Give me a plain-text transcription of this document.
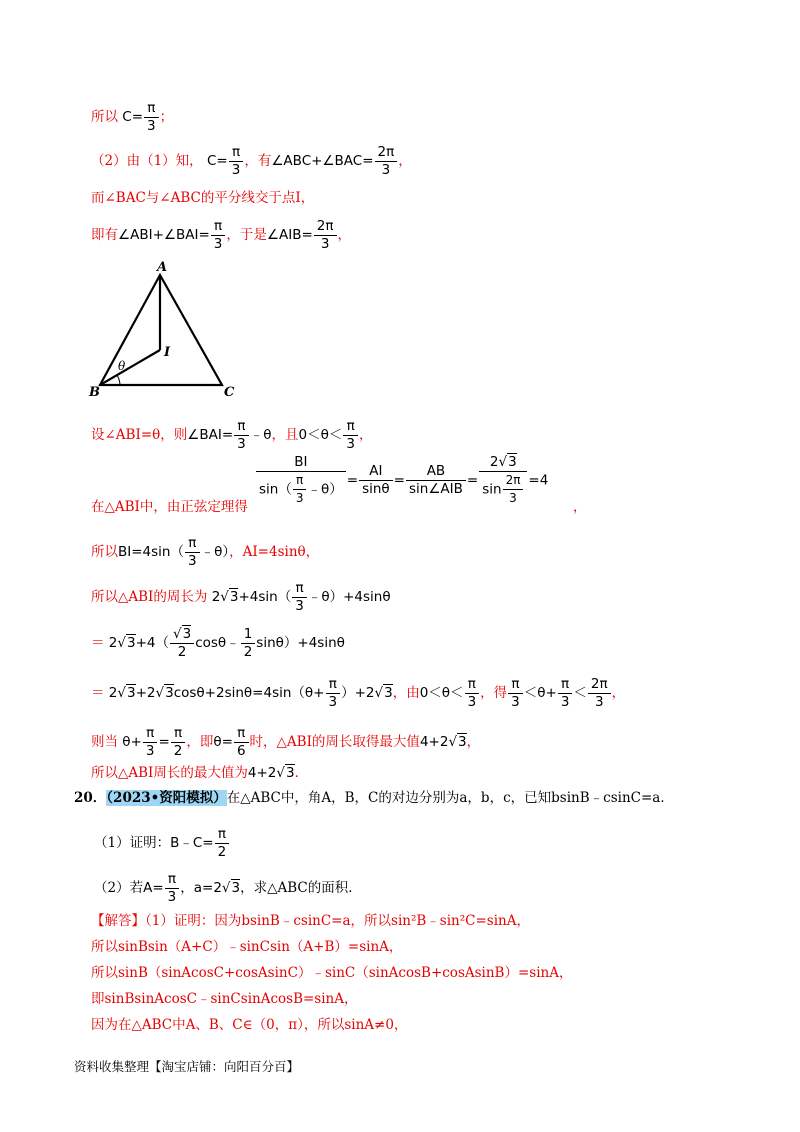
所以 $C= \frac{\pi}{3}$ ；
（2）由（1）知， $C= \frac{\pi}{3}$ ，有∠ABC+∠BAC= $\frac{2\pi}{3}$ ，
而∠BAC与∠ABC的平分线交于点I，
即有∠ABI+∠BAI= $\frac{\pi}{3}$ ，于是∠AIB= $\frac{2\pi}{3}$ ，
A
B	C
I
θ
设∠ABI=θ，则∠BAI= $\frac{\pi}{3}$ ﹣θ，且$0<\theta< \frac{\pi}{3}$ ，
$\frac{BI}{\sin( \frac{\pi}{3} ﹣\theta)} = \frac{AI}{\sin\theta} = \frac{AB}{\text{sin∠AIB}} = \frac{2√3}{\sin \frac{2\pi}{3}} =4$
在△ABI中，由正弦定理得	，
所以$BI=4\sin( \frac{\pi}{3}$ ﹣θ），AI=4sinθ，
所以△ABI的周长为 $2√3+4\sin( \frac{\pi}{3}$ ﹣θ）+4sinθ
＝ $2√3+4( \frac{√3}{2}$ cosθ﹣ $\frac{1}{2} \sin\theta)+4\sin\theta$
＝ $2√3+2√3\cos\theta+2\sin\theta=4\sin(\theta+ \frac{\pi}{3} )+2√3$，由$0<\theta< \frac{\pi}{3}$ ，得 $\frac{\pi}{3} <\theta+ \frac{\pi}{3} < \frac{2\pi}{3}$ ，
则当 $\theta+ \frac{\pi}{3} = \frac{\pi}{2}$ ，即$\theta= \frac{\pi}{6}$ 时，△ABI的周长取得最大值4+2√3，
所以△ABI周长的最大值为4+2√3．
20．（2023•资阳模拟）在△ABC中，角A，B，C的对边分别为a，b，c，已知bsinB﹣csinC=a．
（1）证明：B﹣C= $\frac{\pi}{2}$
（2）若$A= \frac{\pi}{3}$ ，a=2√3，求△ABC的面积．
【解答】（1）证明：因为bsinB﹣csinC=a，所以sin²B﹣sin²C=sinA，
所以sinBsin（A+C）﹣sinCsin（A+B）=sinA，
所以sinB（sinAcosC+cosAsinC）﹣sinC（sinAcosB+cosAsinB）=sinA，
即sinBsinAcosC﹣sinCsinAcosB=sinA，
因为在△ABC中A、B、C∈（0，π），所以sinA≠0，
资料收集整理【淘宝店铺：向阳百分百】
